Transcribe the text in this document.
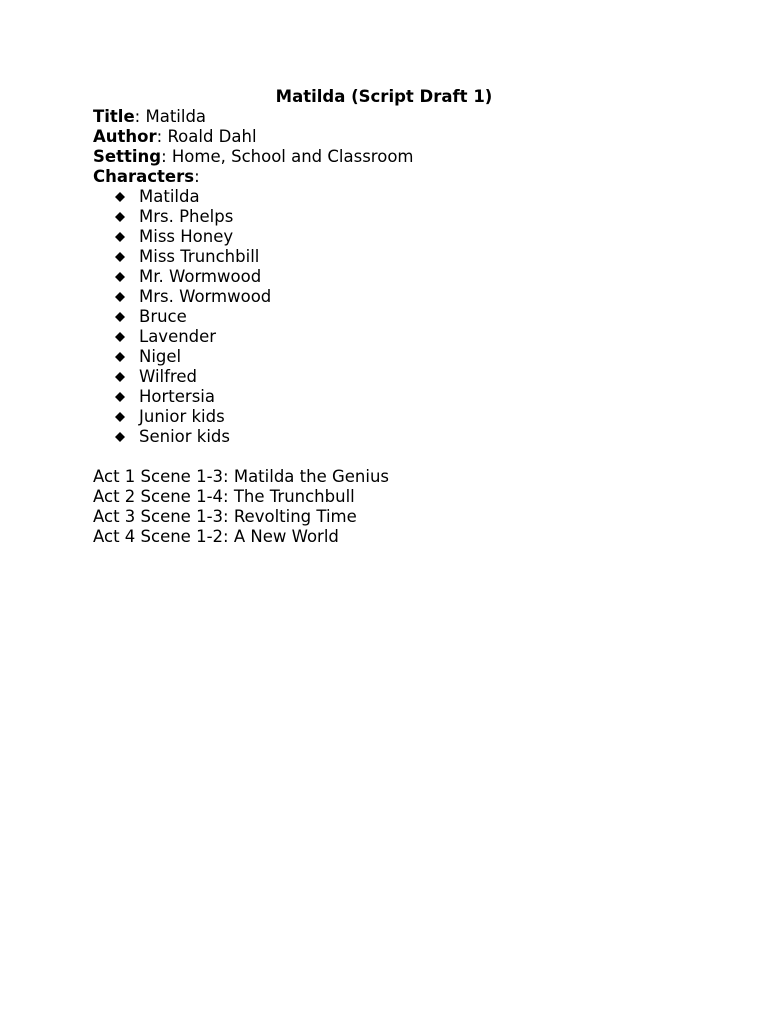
Matilda (Script Draft 1)
Title: Matilda
Author: Roald Dahl
Setting: Home, School and Classroom
Characters:
Matilda
Mrs. Phelps
Miss Honey
Miss Trunchbill
Mr. Wormwood
Mrs. Wormwood
Bruce
Lavender
Nigel
Wilfred
Hortersia
Junior kids
Senior kids
Act 1 Scene 1-3: Matilda the Genius
Act 2 Scene 1-4: The Trunchbull
Act 3 Scene 1-3: Revolting Time
Act 4 Scene 1-2: A New World
